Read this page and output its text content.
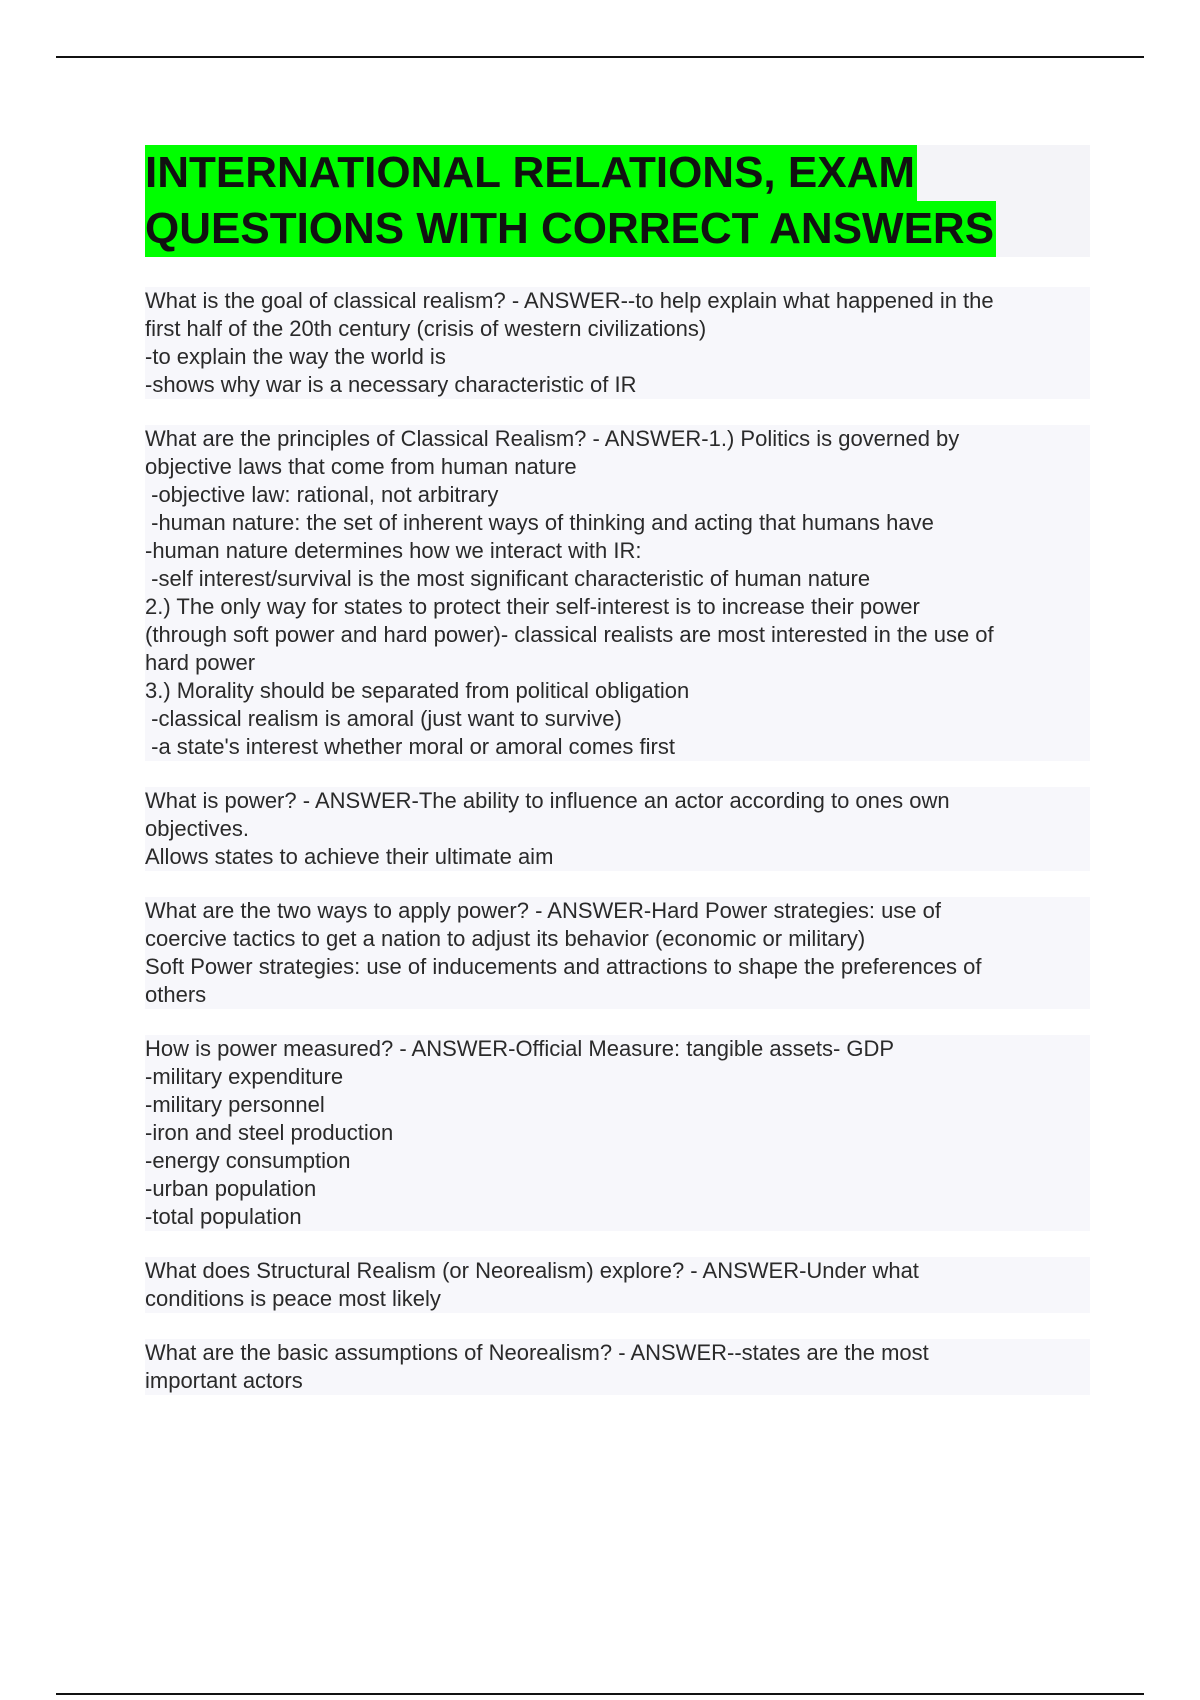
INTERNATIONAL RELATIONS, EXAM
QUESTIONS WITH CORRECT ANSWERS
What is the goal of classical realism? - ANSWER--to help explain what happened in the
first half of the 20th century (crisis of western civilizations)
-to explain the way the world is
-shows why war is a necessary characteristic of IR
What are the principles of Classical Realism? - ANSWER-1.) Politics is governed by
objective laws that come from human nature
-objective law: rational, not arbitrary
-human nature: the set of inherent ways of thinking and acting that humans have
-human nature determines how we interact with IR:
-self interest/survival is the most significant characteristic of human nature
2.) The only way for states to protect their self-interest is to increase their power
(through soft power and hard power)- classical realists are most interested in the use of
hard power
3.) Morality should be separated from political obligation
-classical realism is amoral (just want to survive)
-a state's interest whether moral or amoral comes first
What is power? - ANSWER-The ability to influence an actor according to ones own
objectives.
Allows states to achieve their ultimate aim
What are the two ways to apply power? - ANSWER-Hard Power strategies: use of
coercive tactics to get a nation to adjust its behavior (economic or military)
Soft Power strategies: use of inducements and attractions to shape the preferences of
others
How is power measured? - ANSWER-Official Measure: tangible assets- GDP
-military expenditure
-military personnel
-iron and steel production
-energy consumption
-urban population
-total population
What does Structural Realism (or Neorealism) explore? - ANSWER-Under what
conditions is peace most likely
What are the basic assumptions of Neorealism? - ANSWER--states are the most
important actors
